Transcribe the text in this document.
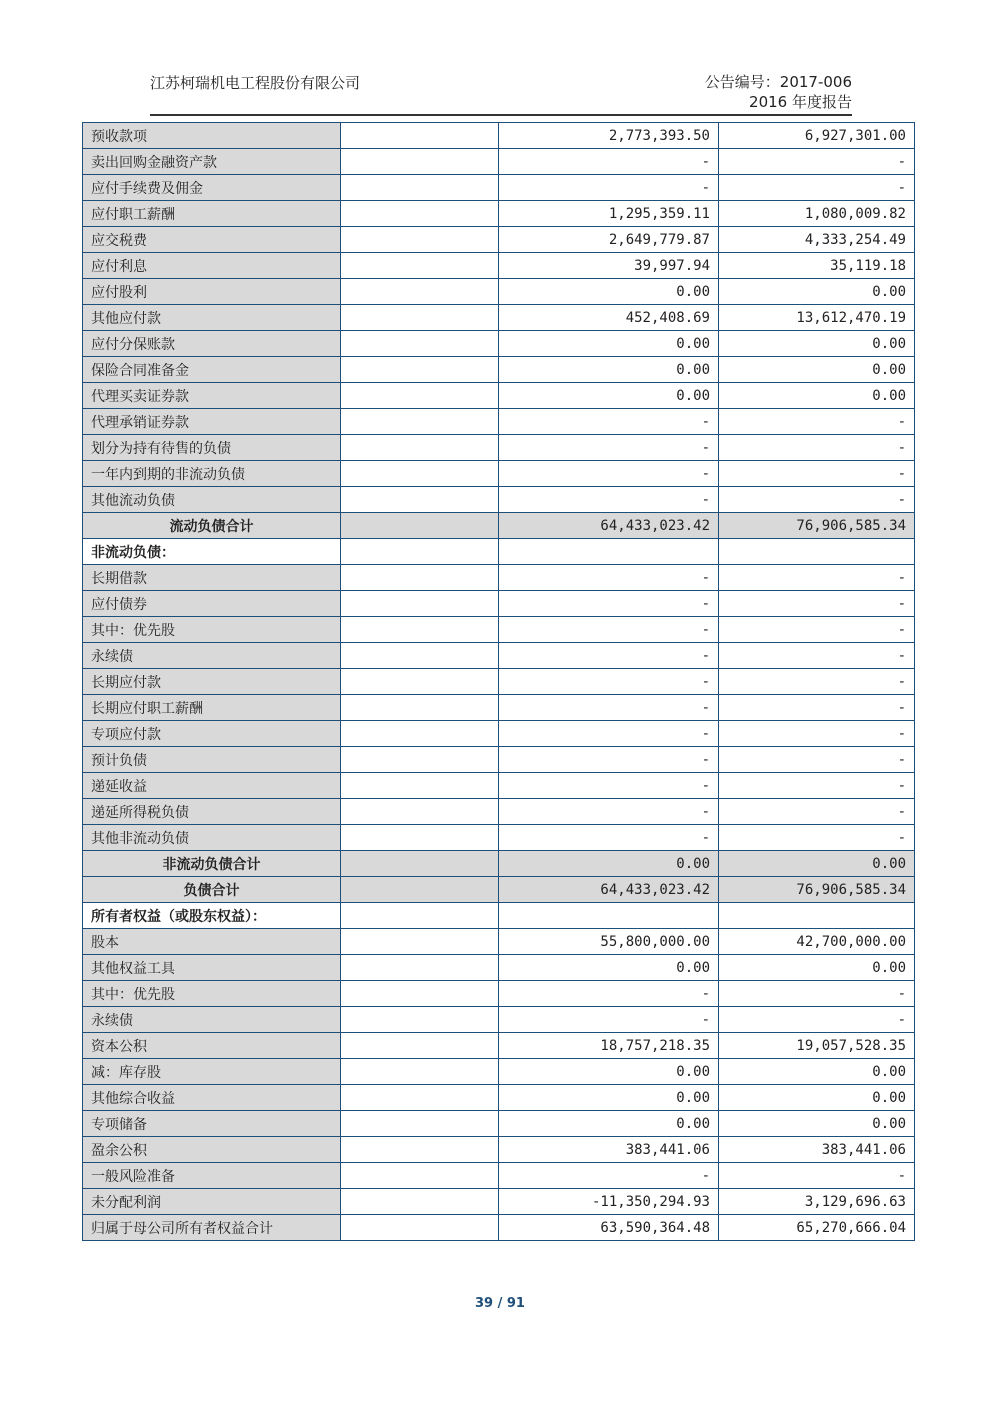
江苏柯瑞机电工程股份有限公司	公告编号：2017-006
2016 年度报告
预收款项		2,773,393.50	6,927,301.00
卖出回购金融资产款		-	-
应付手续费及佣金		-	-
应付职工薪酬		1,295,359.11	1,080,009.82
应交税费		2,649,779.87	4,333,254.49
应付利息		39,997.94	35,119.18
应付股利		0.00	0.00
其他应付款		452,408.69	13,612,470.19
应付分保账款		0.00	0.00
保险合同准备金		0.00	0.00
代理买卖证券款		0.00	0.00
代理承销证券款		-	-
划分为持有待售的负债		-	-
一年内到期的非流动负债		-	-
其他流动负债		-	-
流动负债合计		64,433,023.42	76,906,585.34
非流动负债：			
长期借款		-	-
应付债券		-	-
其中：优先股		-	-
永续债		-	-
长期应付款		-	-
长期应付职工薪酬		-	-
专项应付款		-	-
预计负债		-	-
递延收益		-	-
递延所得税负债		-	-
其他非流动负债		-	-
非流动负债合计		0.00	0.00
负债合计		64,433,023.42	76,906,585.34
所有者权益（或股东权益）：			
股本		55,800,000.00	42,700,000.00
其他权益工具		0.00	0.00
其中：优先股		-	-
永续债		-	-
资本公积		18,757,218.35	19,057,528.35
减：库存股		0.00	0.00
其他综合收益		0.00	0.00
专项储备		0.00	0.00
盈余公积		383,441.06	383,441.06
一般风险准备		-	-
未分配利润		-11,350,294.93	3,129,696.63
归属于母公司所有者权益合计		63,590,364.48	65,270,666.04
39 / 91
